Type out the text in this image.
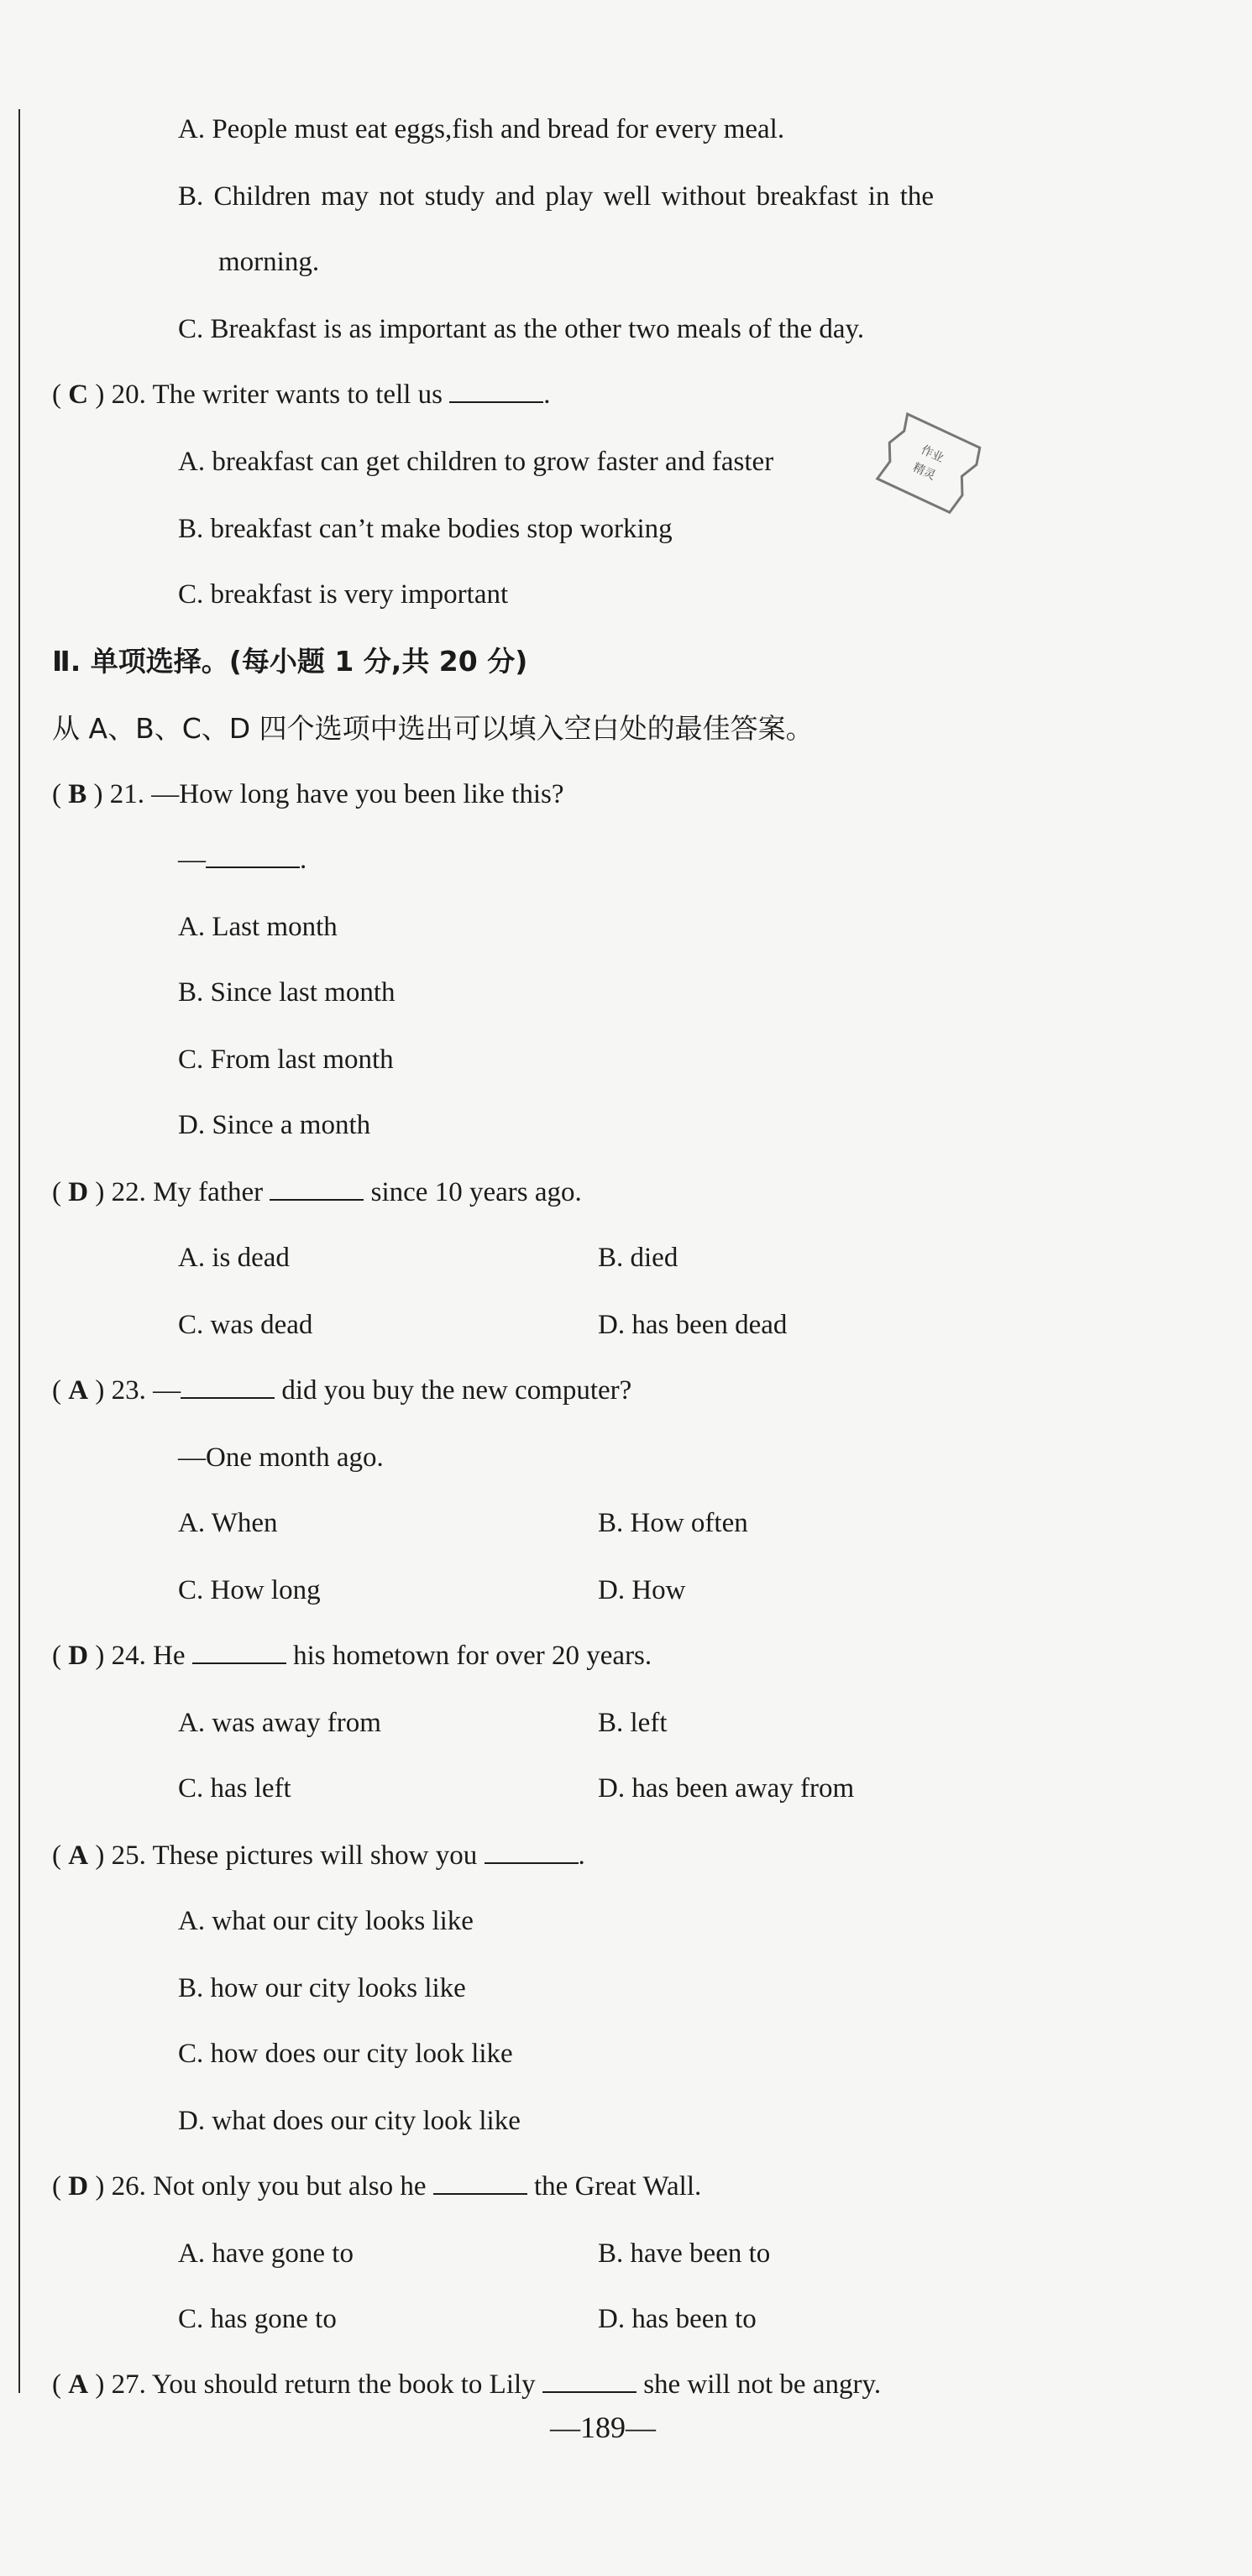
A. People must eat eggs,fish and bread for every meal.
B. Children may not study and play well without breakfast in the
morning.
C. Breakfast is as important as the other two meals of the day.
( C ) 20. The writer wants to tell us	.
A. breakfast can get children to grow faster and faster
B. breakfast can’t make bodies stop working
C. breakfast is very important
作业
精灵
Ⅱ. 单项选择。(每小题 1 分,共 20 分)
从 A、B、C、D 四个选项中选出可以填入空白处的最佳答案。
( B ) 21. —How long have you been like this?
—	.
A. Last month
B. Since last month
C. From last month
D. Since a month
( D ) 22. My father	since 10 years ago.
A. is dead	B. died
C. was dead	D. has been dead
( A ) 23. —	did you buy the new computer?
—One month ago.
A. When	B. How often
C. How long	D. How
( D ) 24. He	his hometown for over 20 years.
A. was away from	B. left
C. has left	D. has been away from
( A ) 25. These pictures will show you	.
A. what our city looks like
B. how our city looks like
C. how does our city look like
D. what does our city look like
( D ) 26. Not only you but also he	the Great Wall.
A. have gone to	B. have been to
C. has gone to	D. has been to
( A ) 27. You should return the book to Lily	she will not be angry.
—189—
